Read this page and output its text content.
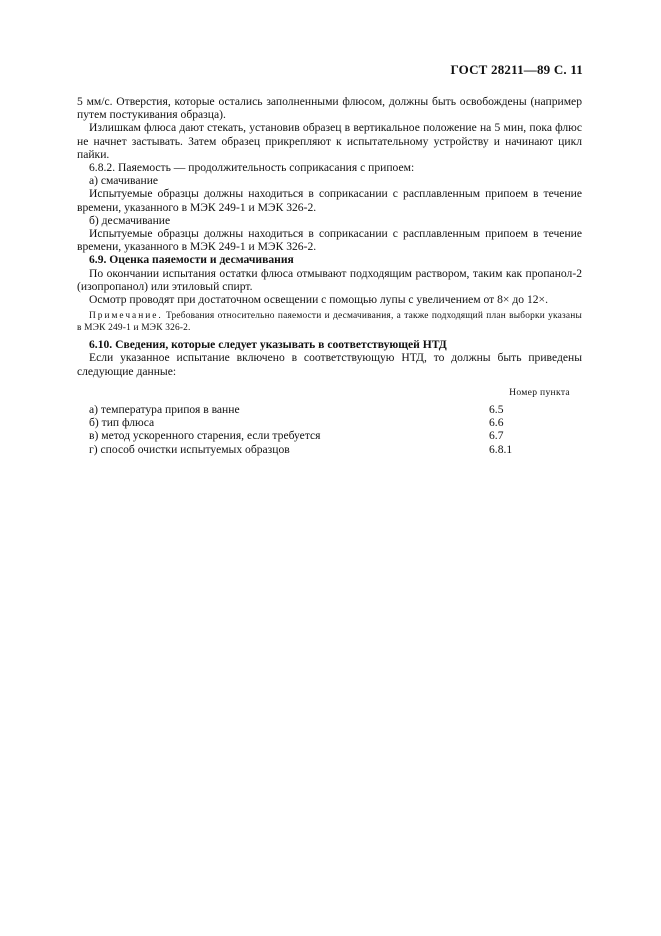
ГОСТ 28211—89 С. 11

5 мм/с. Отверстия, которые остались заполненными флюсом, должны быть освобождены (например путем постукивания образца).

Излишкам флюса дают стекать, установив образец в вертикальное положение на 5 мин, пока флюс не начнет застывать. Затем образец прикрепляют к испытательному устройству и начинают цикл пайки.

6.8.2. Паяемость — продолжительность соприкасания с припоем:

а) смачивание

Испытуемые образцы должны находиться в соприкасании с расплавленным припоем в течение времени, указанного в МЭК 249-1 и МЭК 326-2.

б) десмачивание

Испытуемые образцы должны находиться в соприкасании с расплавленным припоем в течение времени, указанного в МЭК 249-1 и МЭК 326-2.

6.9. Оценка паяемости и десмачивания

По окончании испытания остатки флюса отмывают подходящим раствором, таким как пропанол-2 (изопропанол) или этиловый спирт.

Осмотр проводят при достаточном освещении с помощью лупы с увеличением от 8× до 12×.

Примечание. Требования относительно паяемости и десмачивания, а также подходящий план выборки указаны в МЭК 249-1 и МЭК 326-2.

6.10. Сведения, которые следует указывать в соответствующей НТД

Если указанное испытание включено в соответствующую НТД, то должны быть приведены следующие данные:

Номер пункта
а) температура припоя в ванне	6.5
б) тип флюса	6.6
в) метод ускоренного старения, если требуется	6.7
г) способ очистки испытуемых образцов	6.8.1
